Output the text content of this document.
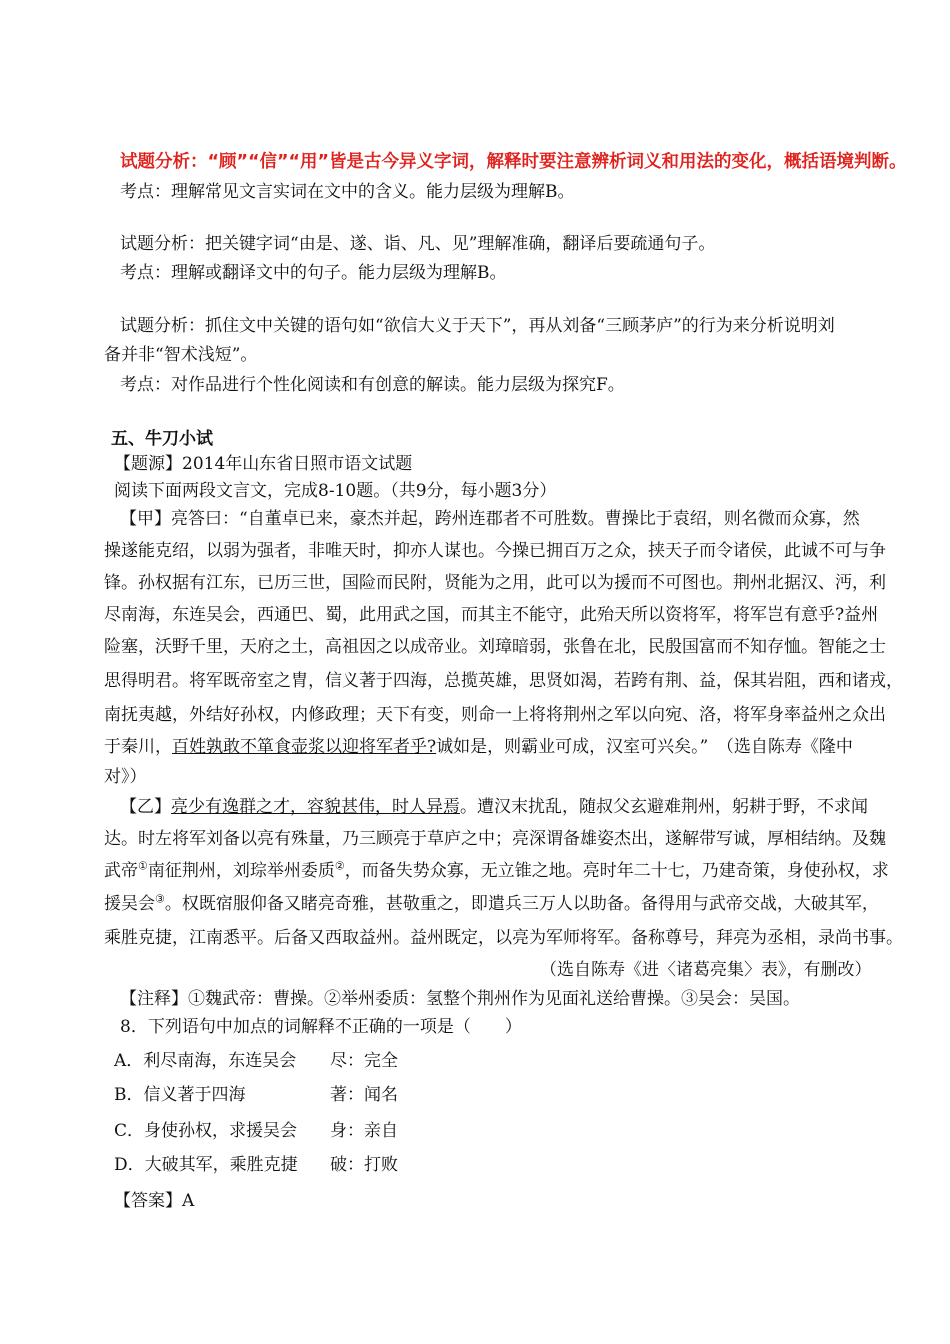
试题分析：“顾”“信”“用”皆是古今异义字词，解释时要注意辨析词义和用法的变化，概括语境判断。
考点：理解常见文言实词在文中的含义。能力层级为理解B。
试题分析：把关键字词“由是、遂、诣、凡、见”理解准确，翻译后要疏通句子。
考点：理解或翻译文中的句子。能力层级为理解B。
试题分析：抓住文中关键的语句如“欲信大义于天下”，再从刘备“三顾茅庐”的行为来分析说明刘
备并非“智术浅短”。
考点：对作品进行个性化阅读和有创意的解读。能力层级为探究F。
五、牛刀小试
【题源】2014年山东省日照市语文试题
阅读下面两段文言文，完成8-10题。（共9分，每小题3分）
【甲】亮答曰：“自董卓已来，豪杰并起，跨州连郡者不可胜数。曹操比于袁绍，则名微而众寡，然
操遂能克绍，以弱为强者，非唯天时，抑亦人谋也。今操已拥百万之众，挟天子而令诸侯，此诚不可与争
锋。孙权据有江东，已历三世，国险而民附，贤能为之用，此可以为援而不可图也。荆州北据汉、沔，利
尽南海，东连吴会，西通巴、蜀，此用武之国，而其主不能守，此殆天所以资将军，将军岂有意乎?益州
险塞，沃野千里，天府之土，高祖因之以成帝业。刘璋暗弱，张鲁在北，民殷国富而不知存恤。智能之士
思得明君。将军既帝室之胄，信义著于四海，总揽英雄，思贤如渴，若跨有荆、益，保其岩阻，西和诸戎，
南抚夷越，外结好孙权，内修政理；天下有变，则命一上将将荆州之军以向宛、洛，将军身率益州之众出
于秦川，百姓孰敢不箪食壶浆以迎将军者乎?诚如是，则霸业可成，汉室可兴矣。”　（选自陈寿《隆中
对》）
【乙】亮少有逸群之才，容貌甚伟，时人异焉。遭汉末扰乱，随叔父玄避难荆州，躬耕于野，不求闻
达。时左将军刘备以亮有殊量，乃三顾亮于草庐之中；亮深谓备雄姿杰出，遂解带写诚，厚相结纳。及魏
武帝①南征荆州，刘琮举州委质②，而备失势众寡，无立锥之地。亮时年二十七，乃建奇策，身使孙权，求
援吴会③。权既宿服仰备又睹亮奇雅，甚敬重之，即遣兵三万人以助备。备得用与武帝交战，大破其军，
乘胜克捷，江南悉平。后备又西取益州。益州既定，以亮为军师将军。备称尊号，拜亮为丞相，录尚书事。
（选自陈寿《进〈诸葛亮集〉表》，有删改）
【注释】①魏武帝：曹操。②举州委质：氢整个荆州作为见面礼送给曹操。③吴会：吴国。
8．下列语句中加点的词解释不正确的一项是（　　）
A．利尽南海，东连吴会 尽：完全
B．信义著于四海	著：闻名
C．身使孙权，求援吴会 身：亲自
D．大破其军，乘胜克捷 破：打败
【答案】A
